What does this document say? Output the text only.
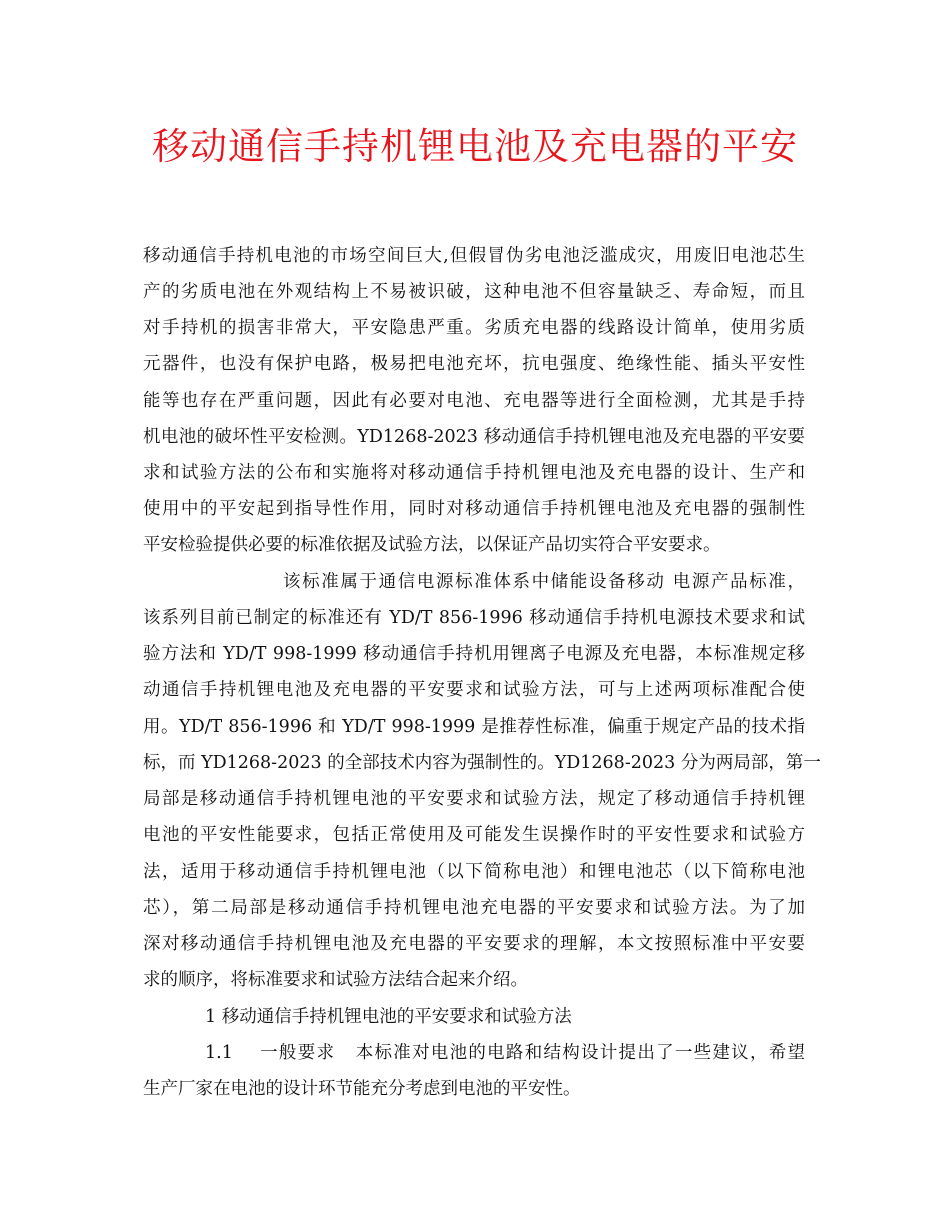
移动通信手持机锂电池及充电器的平安

移动通信手持机电池的市场空间巨大,但假冒伪劣电池泛滥成灾，用废旧电池芯生

产的劣质电池在外观结构上不易被识破，这种电池不但容量缺乏、寿命短，而且

对手持机的损害非常大，平安隐患严重。劣质充电器的线路设计简单，使用劣质

元器件，也没有保护电路，极易把电池充坏，抗电强度、绝缘性能、插头平安性

能等也存在严重问题，因此有必要对电池、充电器等进行全面检测，尤其是手持

机电池的破坏性平安检测。YD1268-2023 移动通信手持机锂电池及充电器的平安要

求和试验方法的公布和实施将对移动通信手持机锂电池及充电器的设计、生产和

使用中的平安起到指导性作用，同时对移动通信手持机锂电池及充电器的强制性

平安检验提供必要的标准依据及试验方法，以保证产品切实符合平安要求。

该标准属于通信电源标准体系中储能设备移动 电源产品标准，

该系列目前已制定的标准还有 YD/T 856-1996 移动通信手持机电源技术要求和试

验方法和 YD/T 998-1999 移动通信手持机用锂离子电源及充电器，本标准规定移

动通信手持机锂电池及充电器的平安要求和试验方法，可与上述两项标准配合使

用。YD/T 856-1996 和 YD/T 998-1999 是推荐性标准，偏重于规定产品的技术指

标，而 YD1268-2023 的全部技术内容为强制性的。YD1268-2023 分为两局部，第一

局部是移动通信手持机锂电池的平安要求和试验方法，规定了移动通信手持机锂

电池的平安性能要求，包括正常使用及可能发生误操作时的平安性要求和试验方

法，适用于移动通信手持机锂电池（以下简称电池）和锂电池芯（以下简称电池

芯），第二局部是移动通信手持机锂电池充电器的平安要求和试验方法。为了加

深对移动通信手持机锂电池及充电器的平安要求的理解，本文按照标准中平安要

求的顺序，将标准要求和试验方法结合起来介绍。

1 移动通信手持机锂电池的平安要求和试验方法

1.1    一般要求   本标准对电池的电路和结构设计提出了一些建议，希望

生产厂家在电池的设计环节能充分考虑到电池的平安性。
